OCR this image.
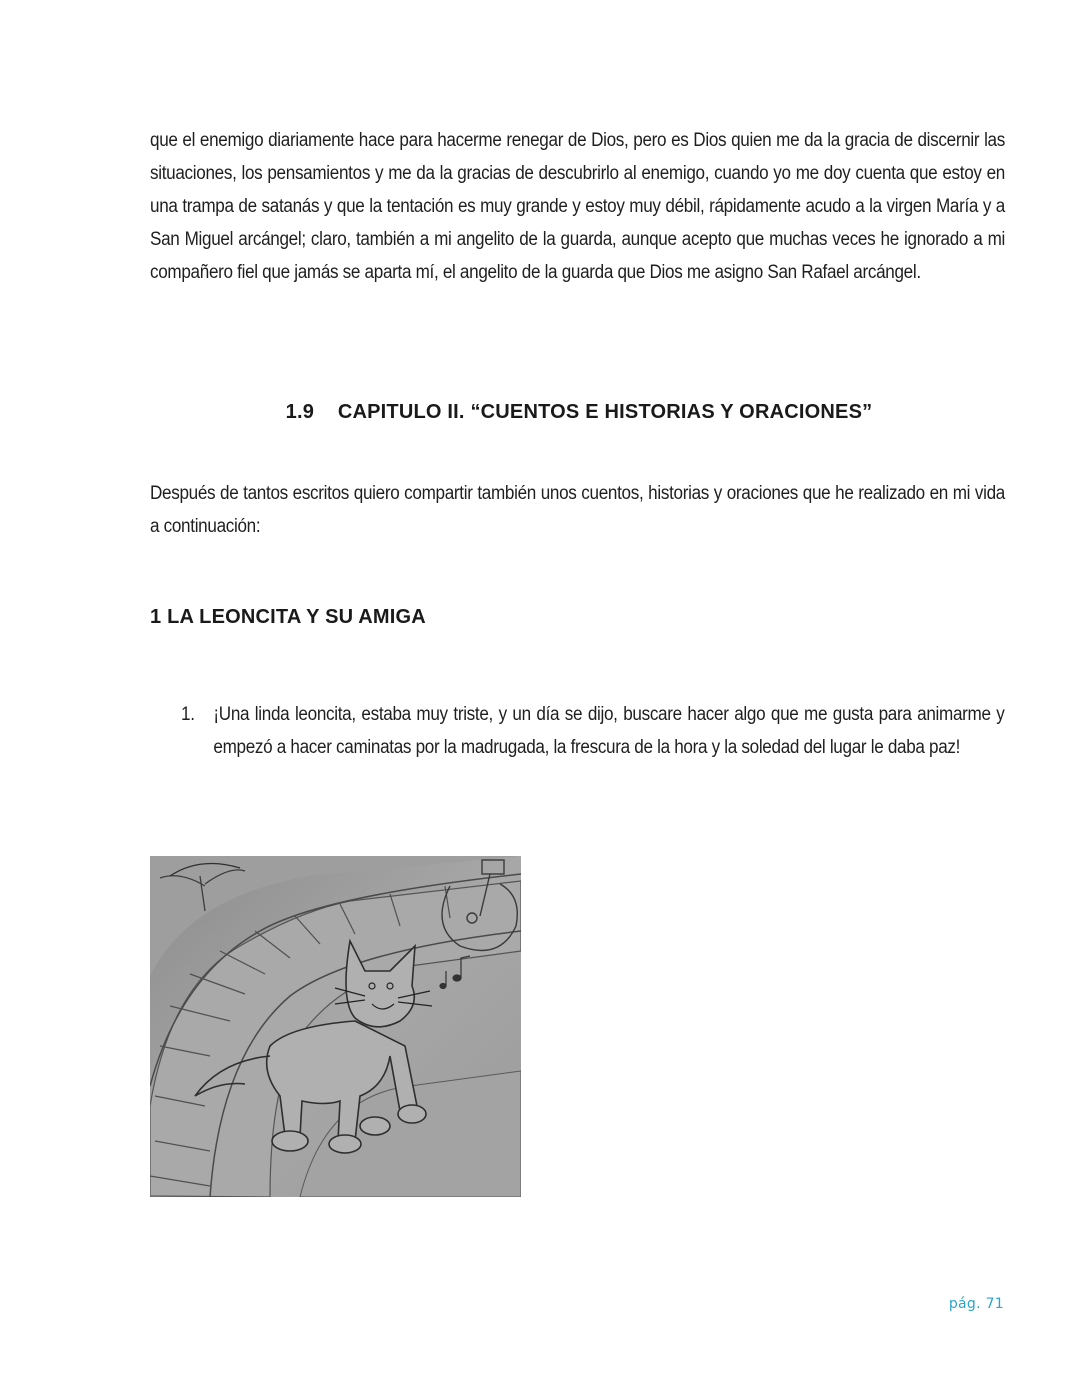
que el enemigo diariamente hace para hacerme renegar de Dios, pero es Dios quien me da la gracia de discernir las situaciones, los pensamientos y me da la gracias de descubrirlo al enemigo, cuando yo me doy cuenta que estoy en una trampa de satanás y que la tentación es muy grande y estoy muy débil, rápidamente acudo a la virgen María y a San Miguel arcángel; claro, también a mi angelito de la guarda, aunque acepto que muchas veces he ignorado a mi compañero fiel que jamás se aparta mí, el angelito de la guarda que Dios me asigno San Rafael arcángel.
1.9 CAPITULO II. “CUENTOS E HISTORIAS Y ORACIONES”
Después de tantos escritos quiero compartir también unos cuentos, historias y oraciones que he realizado en mi vida a continuación:
1 LA LEONCITA Y SU AMIGA
1. ¡Una linda leoncita, estaba muy triste, y un día se dijo, buscare hacer algo que me gusta para animarme y empezó a hacer caminatas por la madrugada, la frescura de la hora y la soledad del lugar le daba paz!
pág. 71
